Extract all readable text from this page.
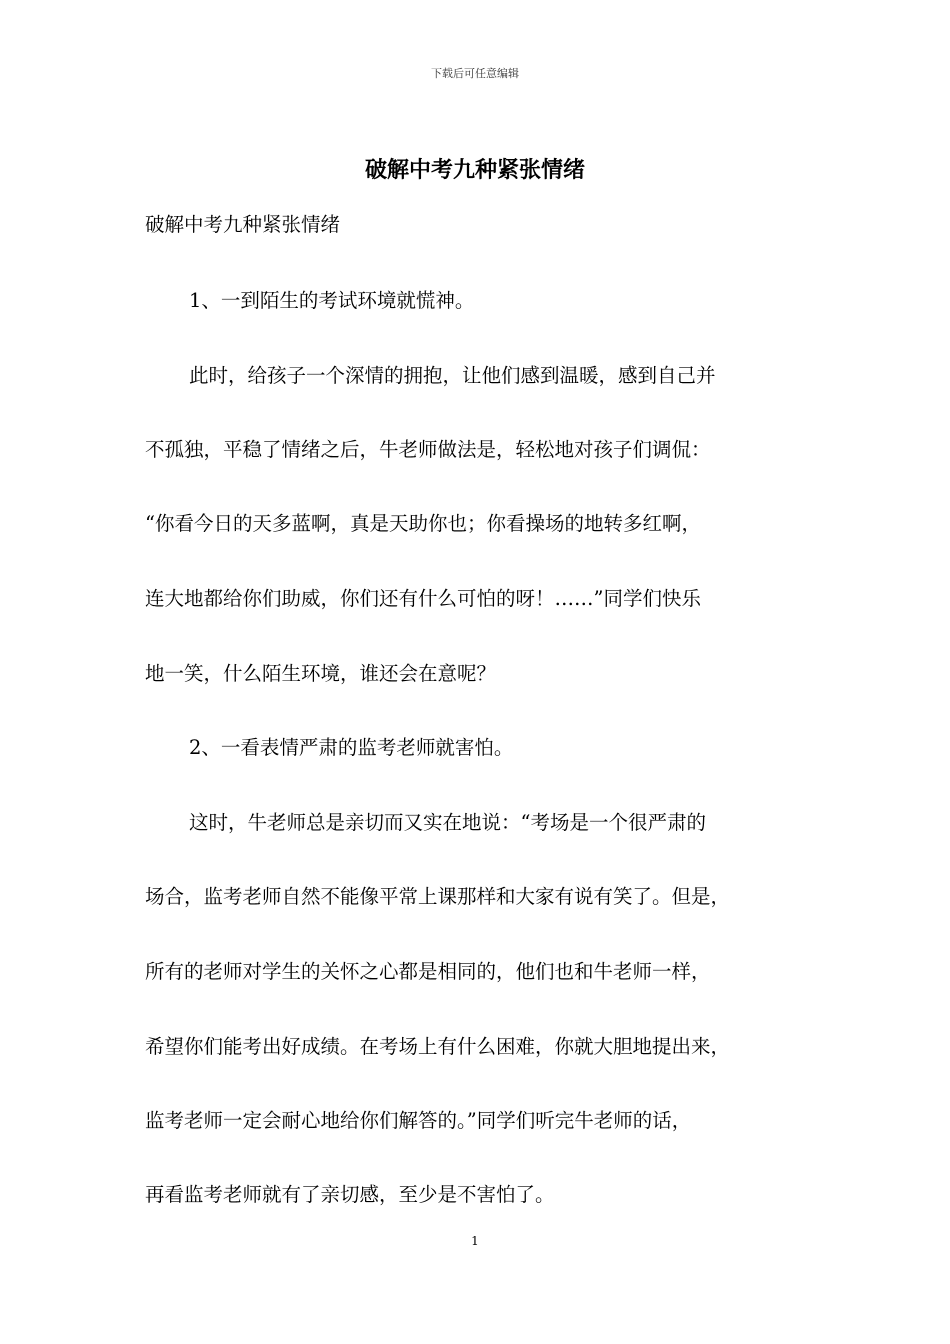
下载后可任意编辑
破解中考九种紧张情绪
破解中考九种紧张情绪
1、一到陌生的考试环境就慌神。
此时，给孩子一个深情的拥抱，让他们感到温暖，感到自己并
不孤独，平稳了情绪之后，牛老师做法是，轻松地对孩子们调侃：
“你看今日的天多蓝啊，真是天助你也；你看操场的地转多红啊，
连大地都给你们助威，你们还有什么可怕的呀！……”同学们快乐
地一笑，什么陌生环境，谁还会在意呢？
2、一看表情严肃的监考老师就害怕。
这时，牛老师总是亲切而又实在地说：“考场是一个很严肃的
场合，监考老师自然不能像平常上课那样和大家有说有笑了。但是，
所有的老师对学生的关怀之心都是相同的，他们也和牛老师一样，
希望你们能考出好成绩。在考场上有什么困难，你就大胆地提出来，
监考老师一定会耐心地给你们解答的。”同学们听完牛老师的话，
再看监考老师就有了亲切感，至少是不害怕了。
1
